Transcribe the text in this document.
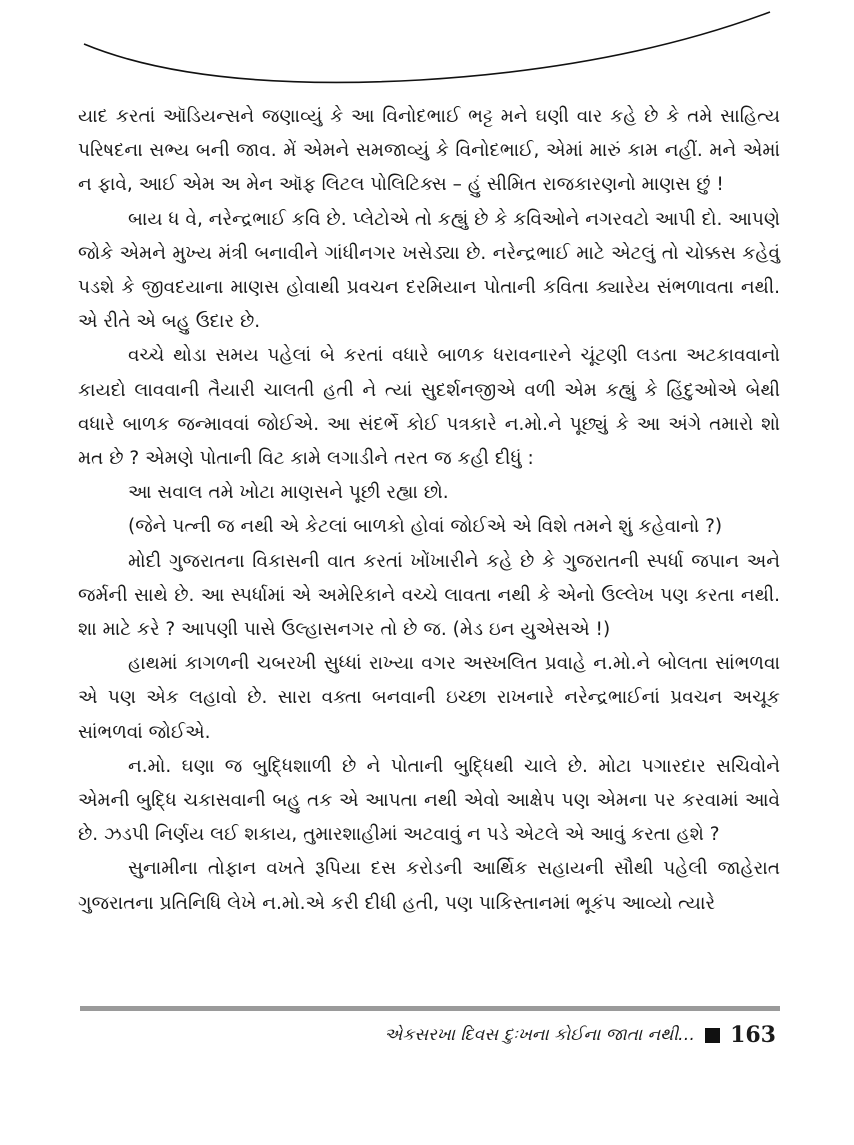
યાદ કરતાં ઑડિયન્સને જણાવ્યું કે આ વિનોદભાઈ ભટ્ટ મને ઘણી વાર કહે છે કે તમે સાહિત્ય પરિષદના સભ્ય બની જાવ. મેં એમને સમજાવ્યું કે વિનોદભાઈ, એમાં મારું કામ નહીં. મને એમાં ન ફાવે, આઈ એમ અ મેન ઑફ લિટલ પોલિટિક્સ – હું સીમિત રાજકારણનો માણસ છું !

બાય ધ વે, નરેન્દ્રભાઈ કવિ છે. પ્લેટોએ તો કહ્યું છે કે કવિઓને નગરવટો આપી દો. આપણે જોકે એમને મુખ્ય મંત્રી બનાવીને ગાંધીનગર ખસેડ્યા છે. નરેન્દ્રભાઈ માટે એટલું તો ચોક્કસ કહેવું પડશે કે જીવદયાના માણસ હોવાથી પ્રવચન દરમિયાન પોતાની કવિતા ક્યારેય સંભળાવતા નથી. એ રીતે એ બહુ ઉદાર છે.

વચ્ચે થોડા સમય પહેલાં બે કરતાં વધારે બાળક ધરાવનારને ચૂંટણી લડતા અટકાવવાનો કાયદો લાવવાની તૈયારી ચાલતી હતી ને ત્યાં સુદર્શનજીએ વળી એમ કહ્યું કે હિંદુઓએ બેથી વધારે બાળક જન્માવવાં જોઈએ. આ સંદર્ભે કોઈ પત્રકારે ન.મો.ને પૂછ્યું કે આ અંગે તમારો શો મત છે ? એમણે પોતાની વિટ કામે લગાડીને તરત જ કહી દીધું :

આ સવાલ તમે ખોટા માણસને પૂછી રહ્યા છો.

(જેને પત્ની જ નથી એ કેટલાં બાળકો હોવાં જોઈએ એ વિશે તમને શું કહેવાનો ?)

મોદી ગુજરાતના વિકાસની વાત કરતાં ખોંખારીને કહે છે કે ગુજરાતની સ્પર્ધા જપાન અને જર્મની સાથે છે. આ સ્પર્ધામાં એ અમેરિકાને વચ્ચે લાવતા નથી કે એનો ઉલ્લેખ પણ કરતા નથી. શા માટે કરે ? આપણી પાસે ઉલ્હાસનગર તો છે જ. (મેડ ઇન યુએસએ !)

હાથમાં કાગળની ચબરખી સુધ્ધાં રાખ્યા વગર અસ્ખલિત પ્રવાહે ન.મો.ને બોલતા સાંભળવા એ પણ એક લહાવો છે. સારા વક્તા બનવાની ઇચ્છા રાખનારે નરેન્દ્રભાઈનાં પ્રવચન અચૂક સાંભળવાં જોઈએ.

ન.મો. ઘણા જ બુદ્ધિશાળી છે ને પોતાની બુદ્ધિથી ચાલે છે. મોટા પગારદાર સચિવોને એમની બુદ્ધિ ચકાસવાની બહુ તક એ આપતા નથી એવો આક્ષેપ પણ એમના પર કરવામાં આવે છે. ઝડપી નિર્ણય લઈ શકાય, તુમારશાહીમાં અટવાવું ન પડે એટલે એ આવું કરતા હશે ?

સુનામીના તોફાન વખતે રૂપિયા દસ કરોડની આર્થિક સહાયની સૌથી પહેલી જાહેરાત ગુજરાતના પ્રતિનિધિ લેખે ન.મો.એ કરી દીધી હતી, પણ પાકિસ્તાનમાં ભૂકંપ આવ્યો ત્યારે

એકસરખા દિવસ દુઃખના કોઈના જાતા નથી… 163
